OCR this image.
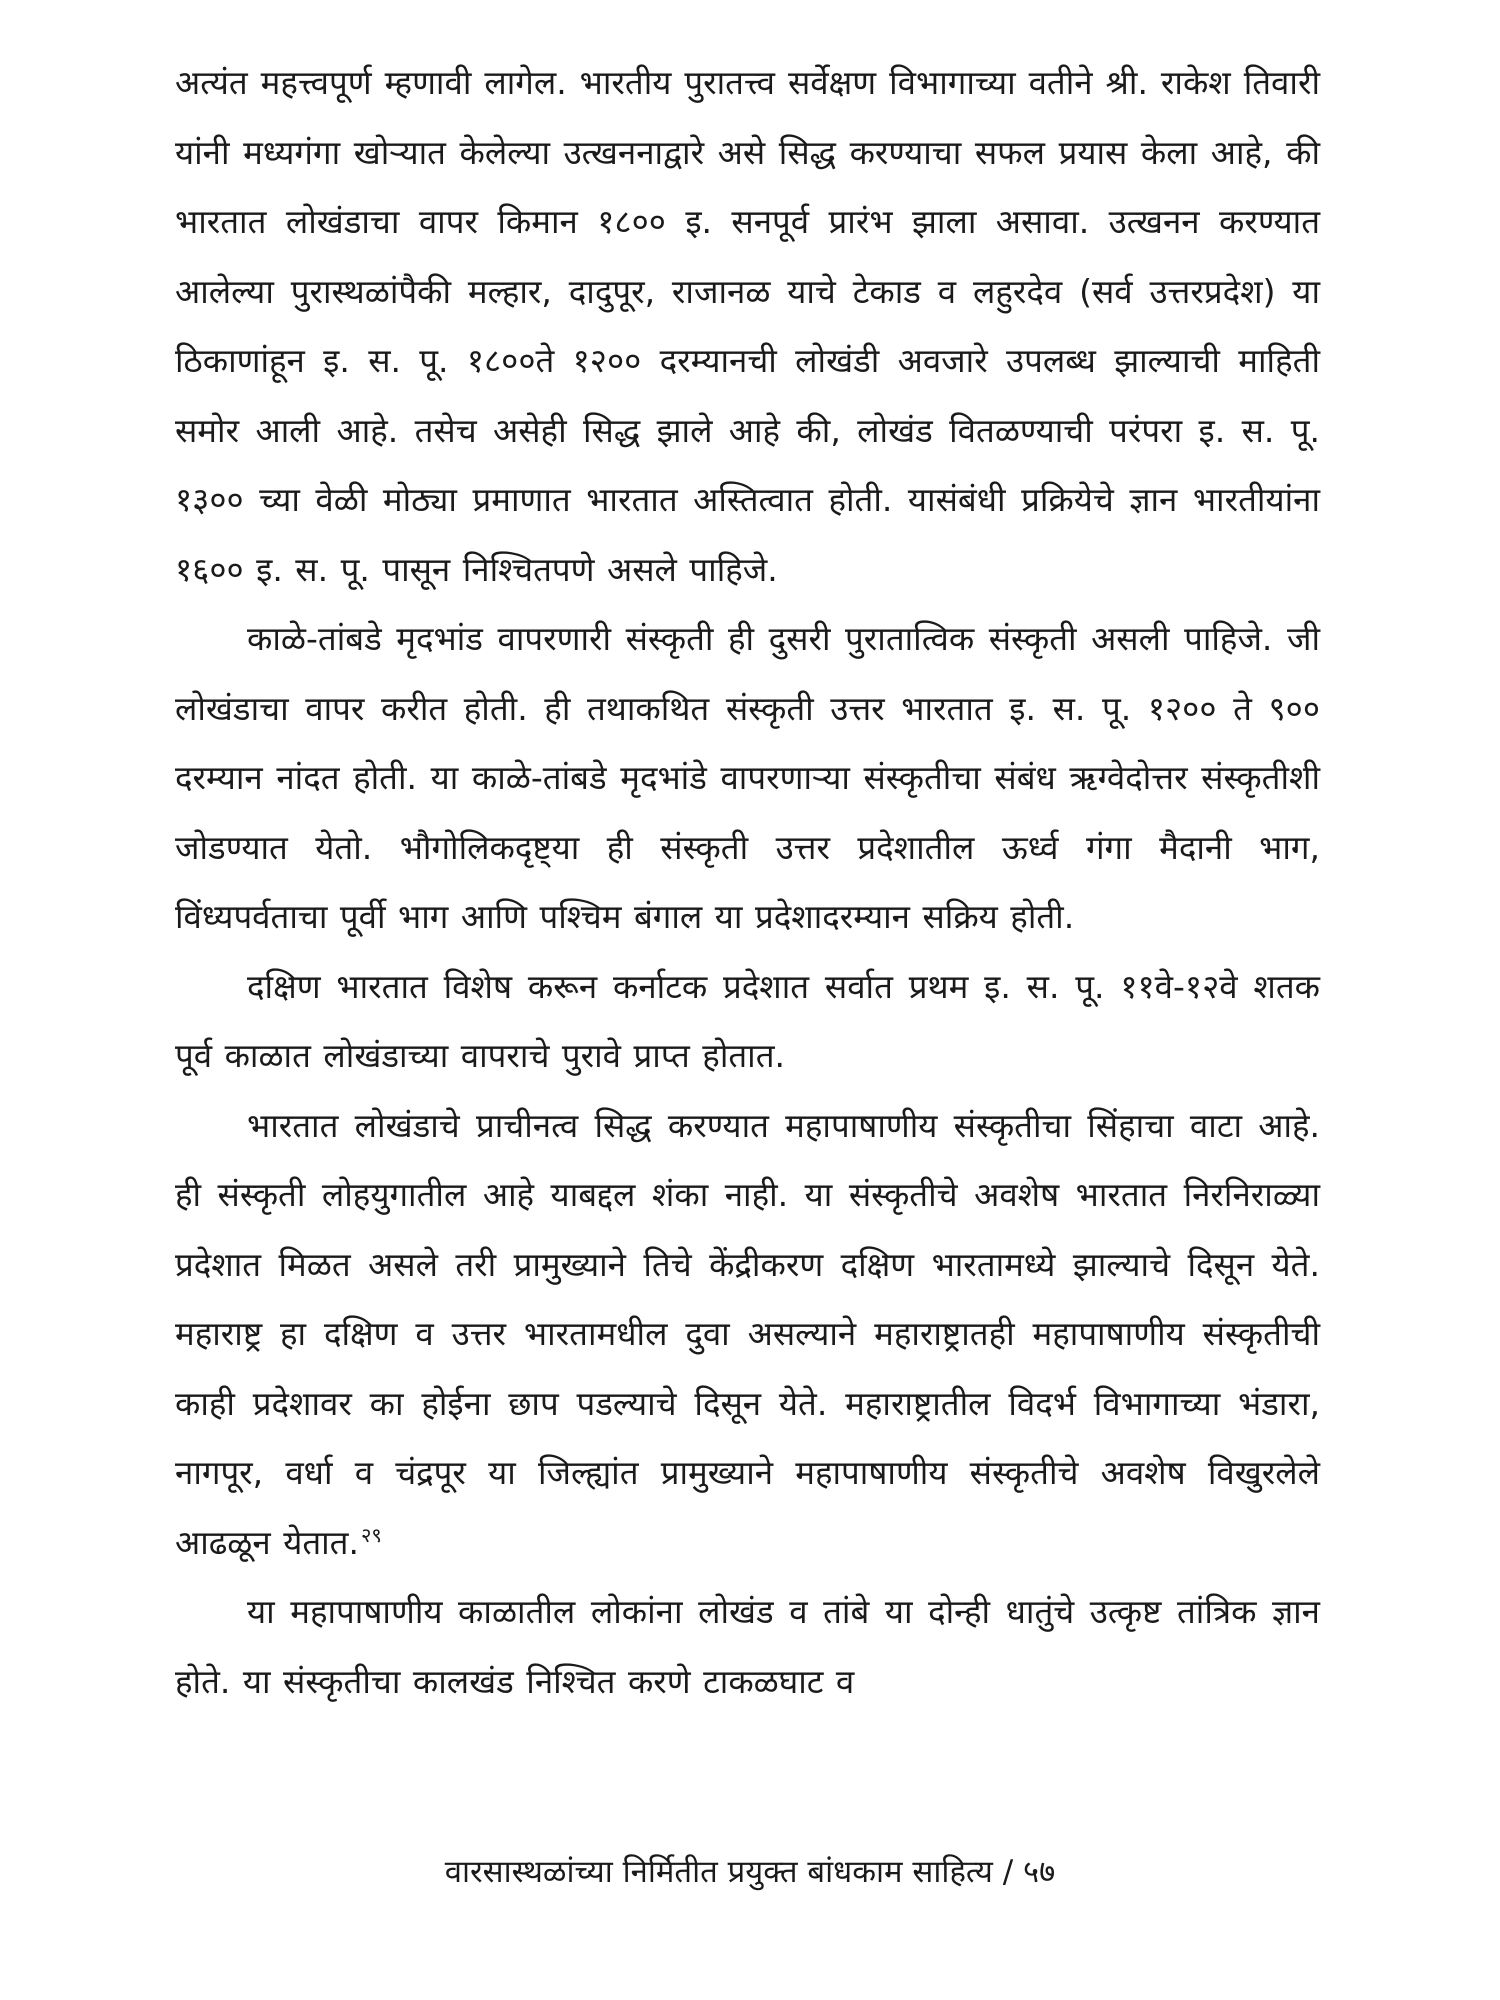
अत्यंत महत्त्वपूर्ण म्हणावी लागेल. भारतीय पुरातत्त्व सर्वेक्षण विभागाच्या वतीने श्री. राकेश तिवारी यांनी मध्यगंगा खोऱ्यात केलेल्या उत्खननाद्वारे असे सिद्ध करण्याचा सफल प्रयास केला आहे, की भारतात लोखंडाचा वापर किमान १८०० इ. सनपूर्व प्रारंभ झाला असावा. उत्खनन करण्यात आलेल्या पुरास्थळांपैकी मल्हार, दादुपूर, राजानळ याचे टेकाड व लहुरदेव (सर्व उत्तरप्रदेश) या ठिकाणांहून इ. स. पू. १८००ते १२०० दरम्यानची लोखंडी अवजारे उपलब्ध झाल्याची माहिती समोर आली आहे. तसेच असेही सिद्ध झाले आहे की, लोखंड वितळण्याची परंपरा इ. स. पू. १३०० च्या वेळी मोठ्या प्रमाणात भारतात अस्तित्वात होती. यासंबंधी प्रक्रियेचे ज्ञान भारतीयांना १६०० इ. स. पू. पासून निश्चितपणे असले पाहिजे.

काळे-तांबडे मृदभांड वापरणारी संस्कृती ही दुसरी पुरातात्विक संस्कृती असली पाहिजे. जी लोखंडाचा वापर करीत होती. ही तथाकथित संस्कृती उत्तर भारतात इ. स. पू. १२०० ते ९०० दरम्यान नांदत होती. या काळे-तांबडे मृदभांडे वापरणाऱ्या संस्कृतीचा संबंध ऋग्वेदोत्तर संस्कृतीशी जोडण्यात येतो. भौगोलिकदृष्ट्या ही संस्कृती उत्तर प्रदेशातील ऊर्ध्व गंगा मैदानी भाग, विंध्यपर्वताचा पूर्वी भाग आणि पश्चिम बंगाल या प्रदेशादरम्यान सक्रिय होती.

दक्षिण भारतात विशेष करून कर्नाटक प्रदेशात सर्वात प्रथम इ. स. पू. ११वे-१२वे शतक पूर्व काळात लोखंडाच्या वापराचे पुरावे प्राप्त होतात.

भारतात लोखंडाचे प्राचीनत्व सिद्ध करण्यात महापाषाणीय संस्कृतीचा सिंहाचा वाटा आहे. ही संस्कृती लोहयुगातील आहे याबद्दल शंका नाही. या संस्कृतीचे अवशेष भारतात निरनिराळ्या प्रदेशात मिळत असले तरी प्रामुख्याने तिचे केंद्रीकरण दक्षिण भारतामध्ये झाल्याचे दिसून येते. महाराष्ट्र हा दक्षिण व उत्तर भारतामधील दुवा असल्याने महाराष्ट्रातही महापाषाणीय संस्कृतीची काही प्रदेशावर का होईना छाप पडल्याचे दिसून येते. महाराष्ट्रातील विदर्भ विभागाच्या भंडारा, नागपूर, वर्धा व चंद्रपूर या जिल्ह्यांत प्रामुख्याने महापाषाणीय संस्कृतीचे अवशेष विखुरलेले आढळून येतात. $^{२९}$

या महापाषाणीय काळातील लोकांना लोखंड व तांबे या दोन्ही धातुंचे उत्कृष्ट तांत्रिक ज्ञान होते. या संस्कृतीचा कालखंड निश्चित करणे टाकळघाट व

वारसास्थळांच्या निर्मितीत प्रयुक्त बांधकाम साहित्य / ५७
